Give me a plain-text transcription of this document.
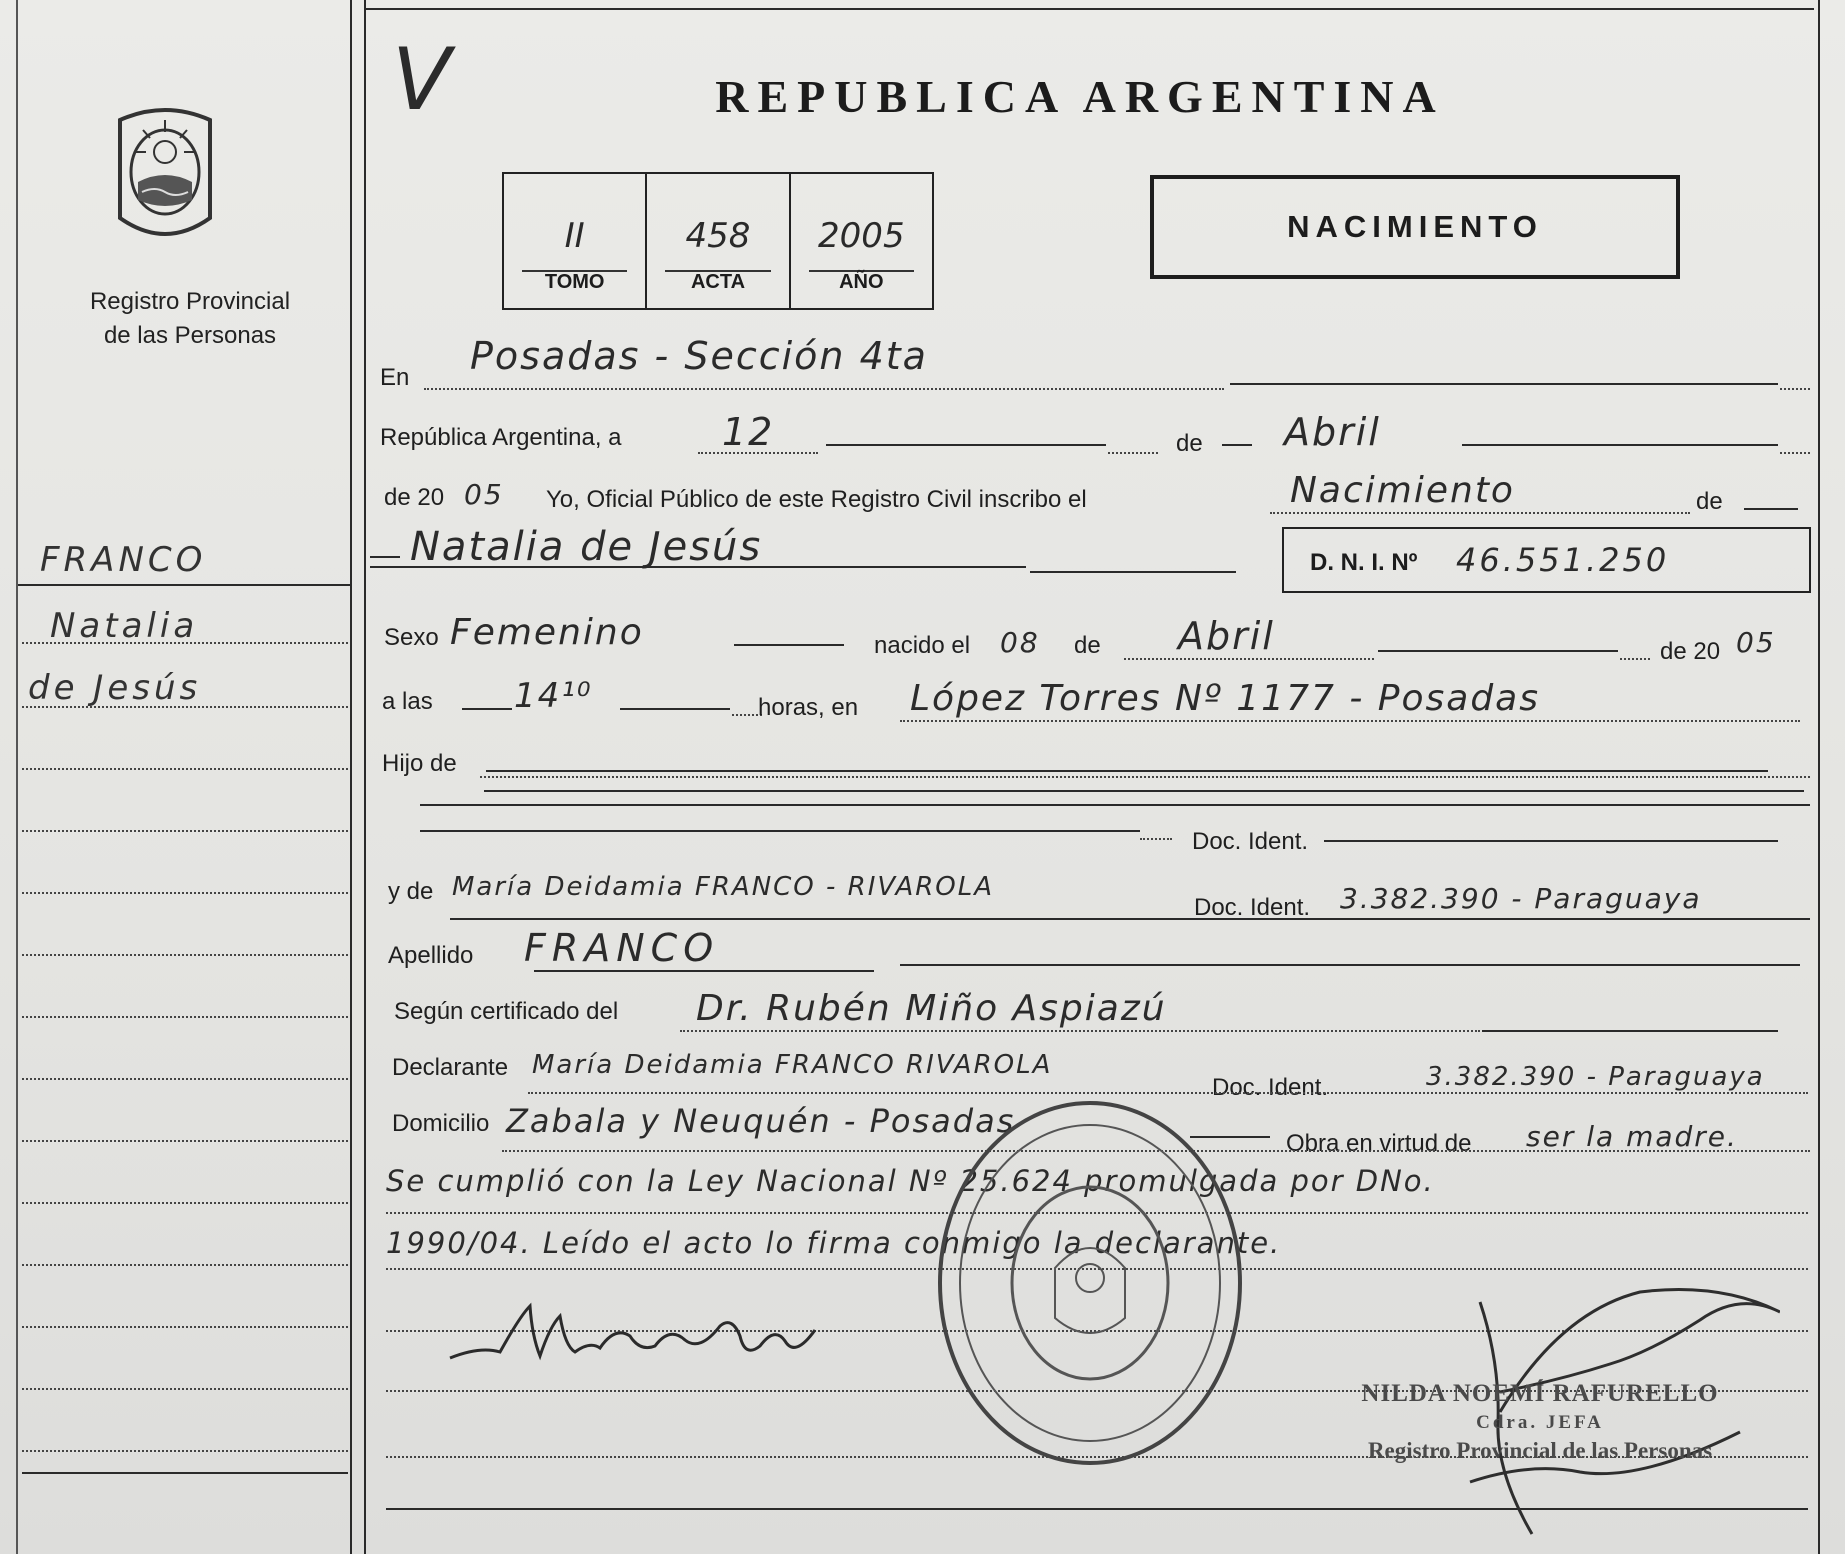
Registro Provincial
de las Personas
FRANCO
Natalia
de Jesús
V	REPUBLICA ARGENTINA
II
TOMO
458
ACTA
2005
AÑO
NACIMIENTO
En Posadas - Sección 4ta
República Argentina, a	12	de Abril
de 20 05 Yo, Oficial Público de este Registro Civil inscribo el	Nacimiento	de
Natalia de Jesús	D. N. I. Nº 46.551.250
Sexo Femenino	nacido el 08 de Abril	de 20 05
a las 14¹⁰	horas, en López Torres Nº 1177 - Posadas
Hijo de
Doc. Ident.
y de María Deidamia FRANCO - RIVAROLA
Doc. Ident. 3.382.390 - Paraguaya
Apellido FRANCO
Según certificado del Dr. Rubén Miño Aspiazú
Declarante María Deidamia FRANCO RIVAROLA
Doc. Ident.	3.382.390 - Paraguaya
Domicilio Zabala y Neuquén - Posadas
Obra en virtud de ser la madre.
Se cumplió con la Ley Nacional Nº 25.624 promulgada por DNo.
1990/04. Leído el acto lo firma conmigo la declarante.
NILDA NOEMÍ RAFURELLO
Cdra. JEFA
Registro Provincial de las Personas
